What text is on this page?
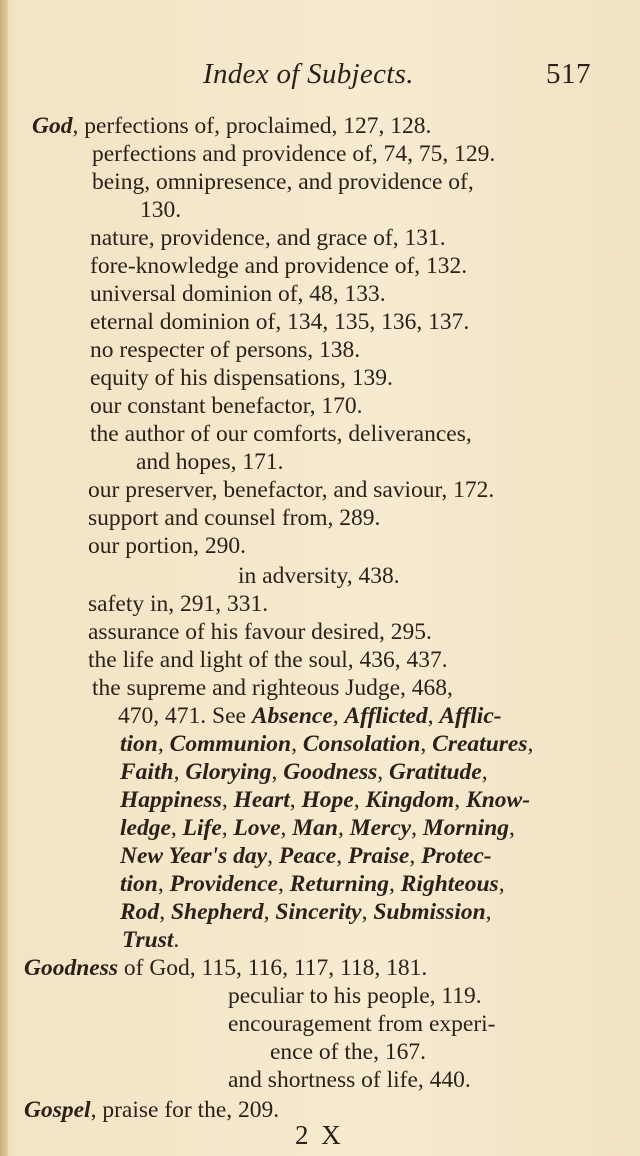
Index of Subjects.	517
God, perfections of, proclaimed, 127, 128.
perfections and providence of, 74, 75, 129.
being, omnipresence, and providence of,
130.
nature, providence, and grace of, 131.
fore-knowledge and providence of, 132.
universal dominion of, 48, 133.
eternal dominion of, 134, 135, 136, 137.
no respecter of persons, 138.
equity of his dispensations, 139.
our constant benefactor, 170.
the author of our comforts, deliverances,
and hopes, 171.
our preserver, benefactor, and saviour, 172.
support and counsel from, 289.
our portion, 290.
in adversity, 438.
safety in, 291, 331.
assurance of his favour desired, 295.
the life and light of the soul, 436, 437.
the supreme and righteous Judge, 468,
470, 471. See Absence, Afflicted, Afflic-
tion, Communion, Consolation, Creatures,
Faith, Glorying, Goodness, Gratitude,
Happiness, Heart, Hope, Kingdom, Know-
ledge, Life, Love, Man, Mercy, Morning,
New Year's day, Peace, Praise, Protec-
tion, Providence, Returning, Righteous,
Rod, Shepherd, Sincerity, Submission,
Trust.
Goodness of God, 115, 116, 117, 118, 181.
peculiar to his people, 119.
encouragement from experi-
ence of the, 167.
and shortness of life, 440.
Gospel, praise for the, 209.
2 X
